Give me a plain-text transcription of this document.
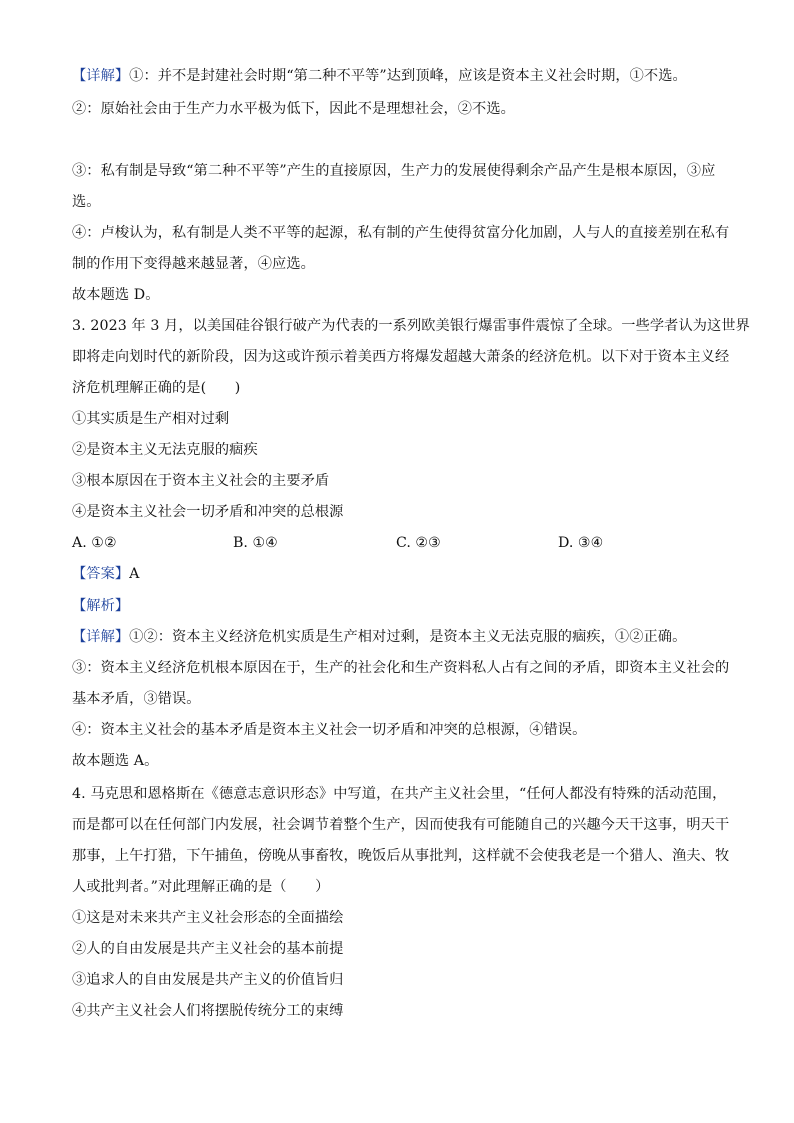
【详解】①：并不是封建社会时期“第二种不平等”达到顶峰，应该是资本主义社会时期，①不选。
②：原始社会由于生产力水平极为低下，因此不是理想社会，②不选。
③：私有制是导致“第二种不平等”产生的直接原因，生产力的发展使得剩余产品产生是根本原因，③应
选。
④：卢梭认为，私有制是人类不平等的起源，私有制的产生使得贫富分化加剧，人与人的直接差别在私有
制的作用下变得越来越显著，④应选。
故本题选 D。
3. 2023 年 3 月，以美国硅谷银行破产为代表的一系列欧美银行爆雷事件震惊了全球。一些学者认为这世界
即将走向划时代的新阶段，因为这或许预示着美西方将爆发超越大萧条的经济危机。以下对于资本主义经
济危机理解正确的是(　　)
①其实质是生产相对过剩
②是资本主义无法克服的痼疾
③根本原因在于资本主义社会的主要矛盾
④是资本主义社会一切矛盾和冲突的总根源
A. ①②	B. ①④	C. ②③	D. ③④
【答案】A
【解析】
【详解】①②：资本主义经济危机实质是生产相对过剩，是资本主义无法克服的痼疾，①②正确。
③：资本主义经济危机根本原因在于，生产的社会化和生产资料私人占有之间的矛盾，即资本主义社会的
基本矛盾，③错误。
④：资本主义社会的基本矛盾是资本主义社会一切矛盾和冲突的总根源，④错误。
故本题选 A。
4. 马克思和恩格斯在《德意志意识形态》中写道，在共产主义社会里，“任何人都没有特殊的活动范围，
而是都可以在任何部门内发展，社会调节着整个生产，因而使我有可能随自己的兴趣今天干这事，明天干
那事，上午打猎，下午捕鱼，傍晚从事畜牧，晚饭后从事批判，这样就不会使我老是一个猎人、渔夫、牧
人或批判者。”对此理解正确的是（　　）
①这是对未来共产主义社会形态的全面描绘
②人的自由发展是共产主义社会的基本前提
③追求人的自由发展是共产主义的价值旨归
④共产主义社会人们将摆脱传统分工的束缚
